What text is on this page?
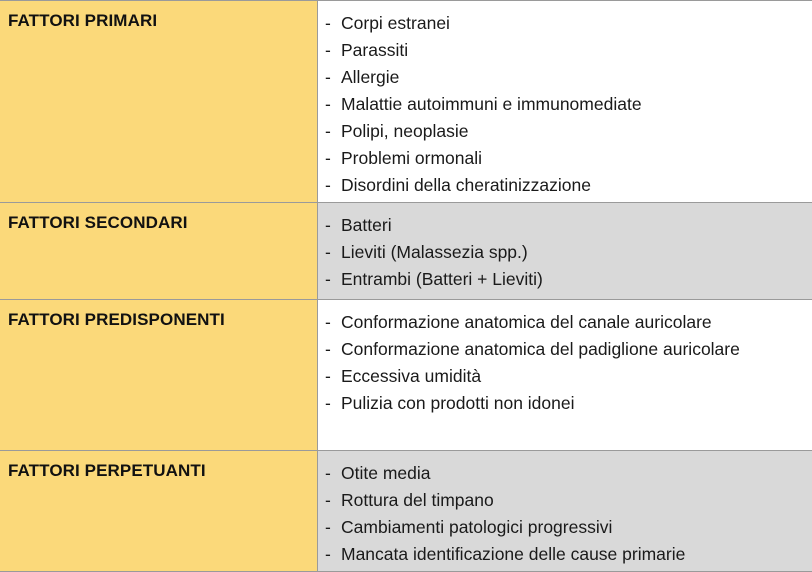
FATTORI PRIMARI	- Corpi estranei
- Parassiti
- Allergie
- Malattie autoimmuni e immunomediate
- Polipi, neoplasie
- Problemi ormonali
- Disordini della cheratinizzazione
FATTORI SECONDARI	- Batteri
- Lieviti (Malassezia spp.)
- Entrambi (Batteri + Lieviti)
FATTORI PREDISPONENTI	- Conformazione anatomica del canale auricolare
- Conformazione anatomica del padiglione auricolare
- Eccessiva umidità
- Pulizia con prodotti non idonei
FATTORI PERPETUANTI	- Otite media
- Rottura del timpano
- Cambiamenti patologici progressivi
- Mancata identificazione delle cause primarie
